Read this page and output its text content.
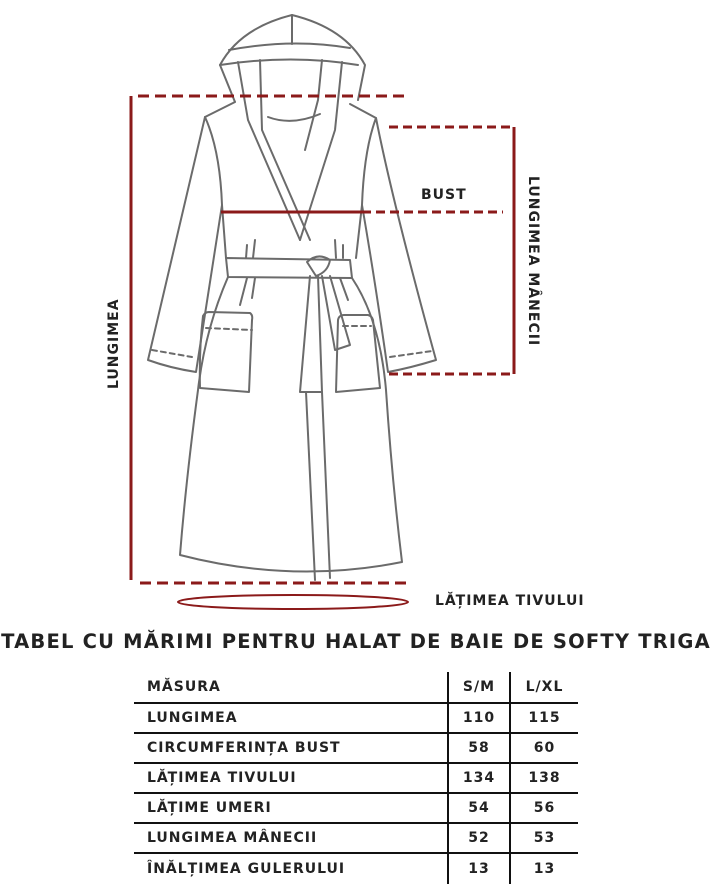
BUST
LĂȚIMEA TIVULUI
LUNGIMEA	LUNGIMEA MÂNECII
TABEL CU MĂRIMI PENTRU HALAT DE BAIE DE SOFTY TRIGA
MĂSURA	S/M	L/XL
LUNGIMEA	110	115
CIRCUMFERINȚA BUST	58	60
LĂȚIMEA TIVULUI	134	138
LĂȚIME UMERI	54	56
LUNGIMEA MÂNECII	52	53
ÎNĂLȚIMEA GULERULUI	13	13
